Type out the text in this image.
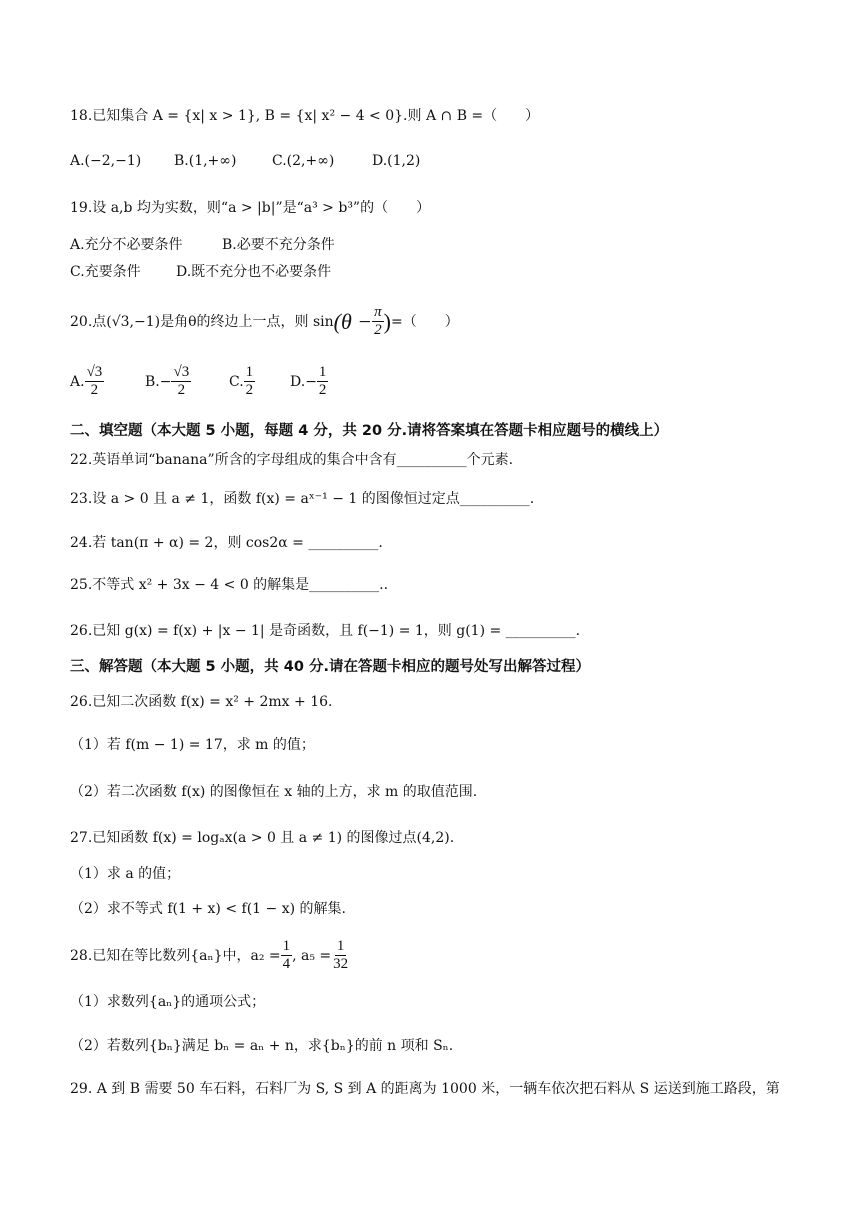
18.已知集合 A = {x| x > 1}, B = {x| x² − 4 < 0}.则 A ∩ B =（　　）
A.(−2,−1) B.(1,+∞)	C.(2,+∞)	D.(1,2)
19.设 a,b 均为实数，则“a > |b|”是“a³ > b³”的（　　）
A.充分不必要条件	B.必要不充分条件
C.充要条件	D.既不充分也不必要条件
20.点(√3,−1)是角θ的终边上一点，则 $\sin (\theta - \frac{\pi}{2}$ ) =（　　）
A. $\frac{√3}{2}$	B. − $\frac{√3}{2}$	C. $\frac{1}{2} D$. − $\frac{1}{2}$
二、填空题（本大题 5 小题，每题 4 分，共 20 分.请将答案填在答题卡相应题号的横线上）
22.英语单词“banana”所含的字母组成的集合中含有__________个元素.
23.设 a > 0 且 a ≠ 1，函数 f(x) = aˣ⁻¹ − 1 的图像恒过定点__________.
24.若 tan(π + α) = 2，则 cos2α = __________.
25.不等式 x² + 3x − 4 < 0 的解集是__________..
26.已知 g(x) = f(x) + |x − 1| 是奇函数，且 f(−1) = 1，则 g(1) = __________.
三、解答题（本大题 5 小题，共 40 分.请在答题卡相应的题号处写出解答过程）
26.已知二次函数 f(x) = x² + 2mx + 16.
（1）若 f(m − 1) = 17，求 m 的值；
（2）若二次函数 f(x) 的图像恒在 x 轴的上方，求 m 的取值范围.
27.已知函数 f(x) = logₐx(a > 0 且 a ≠ 1) 的图像过点(4,2).
（1）求 a 的值；
（2）求不等式 f(1 + x) < f(1 − x) 的解集.
28.已知在等比数列{aₙ}中，$a_2 = \frac{1}{4}$ , $a_5 = \frac{1}{32}$
（1）求数列{aₙ}的通项公式；
（2）若数列{bₙ}满足 bₙ = aₙ + n，求{bₙ}的前 n 项和 Sₙ.
29. A 到 B 需要 50 车石料，石料厂为 S, S 到 A 的距离为 1000 米，一辆车依次把石料从 S 运送到施工路段，第
